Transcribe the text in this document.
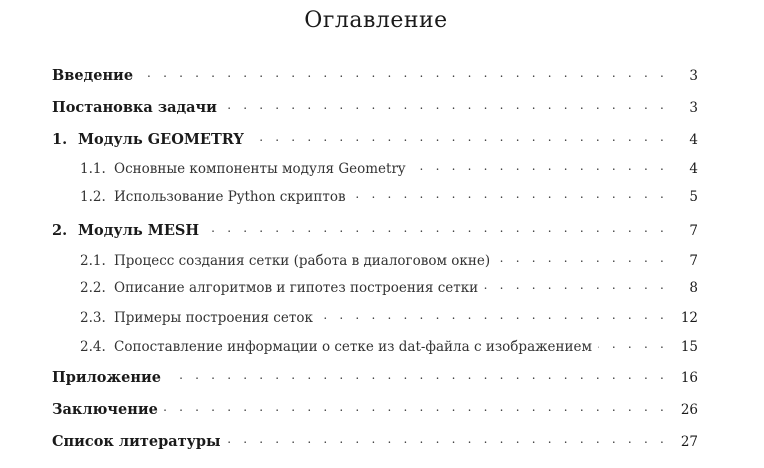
Оглавление
Введение . . .	3
Постановка задачи . . .	3
1. Модуль GEOMETRY . . .	4
1.1. Основные компоненты модуля Geometry . . .	4
1.2. Использование Python скриптов . . .	5
2. Модуль MESH . . .	7
2.1. Процесс создания сетки (работа в диалоговом окне) . . .	7
2.2. Описание алгоритмов и гипотез построения сетки . . .	8
2.3. Примеры построения сеток . . .	12
2.4. Сопоставление информации о сетке из dat-файла с изображением . . .	15
Приложение . . .	16
Заключение . . .	26
Список литературы . . .	27
